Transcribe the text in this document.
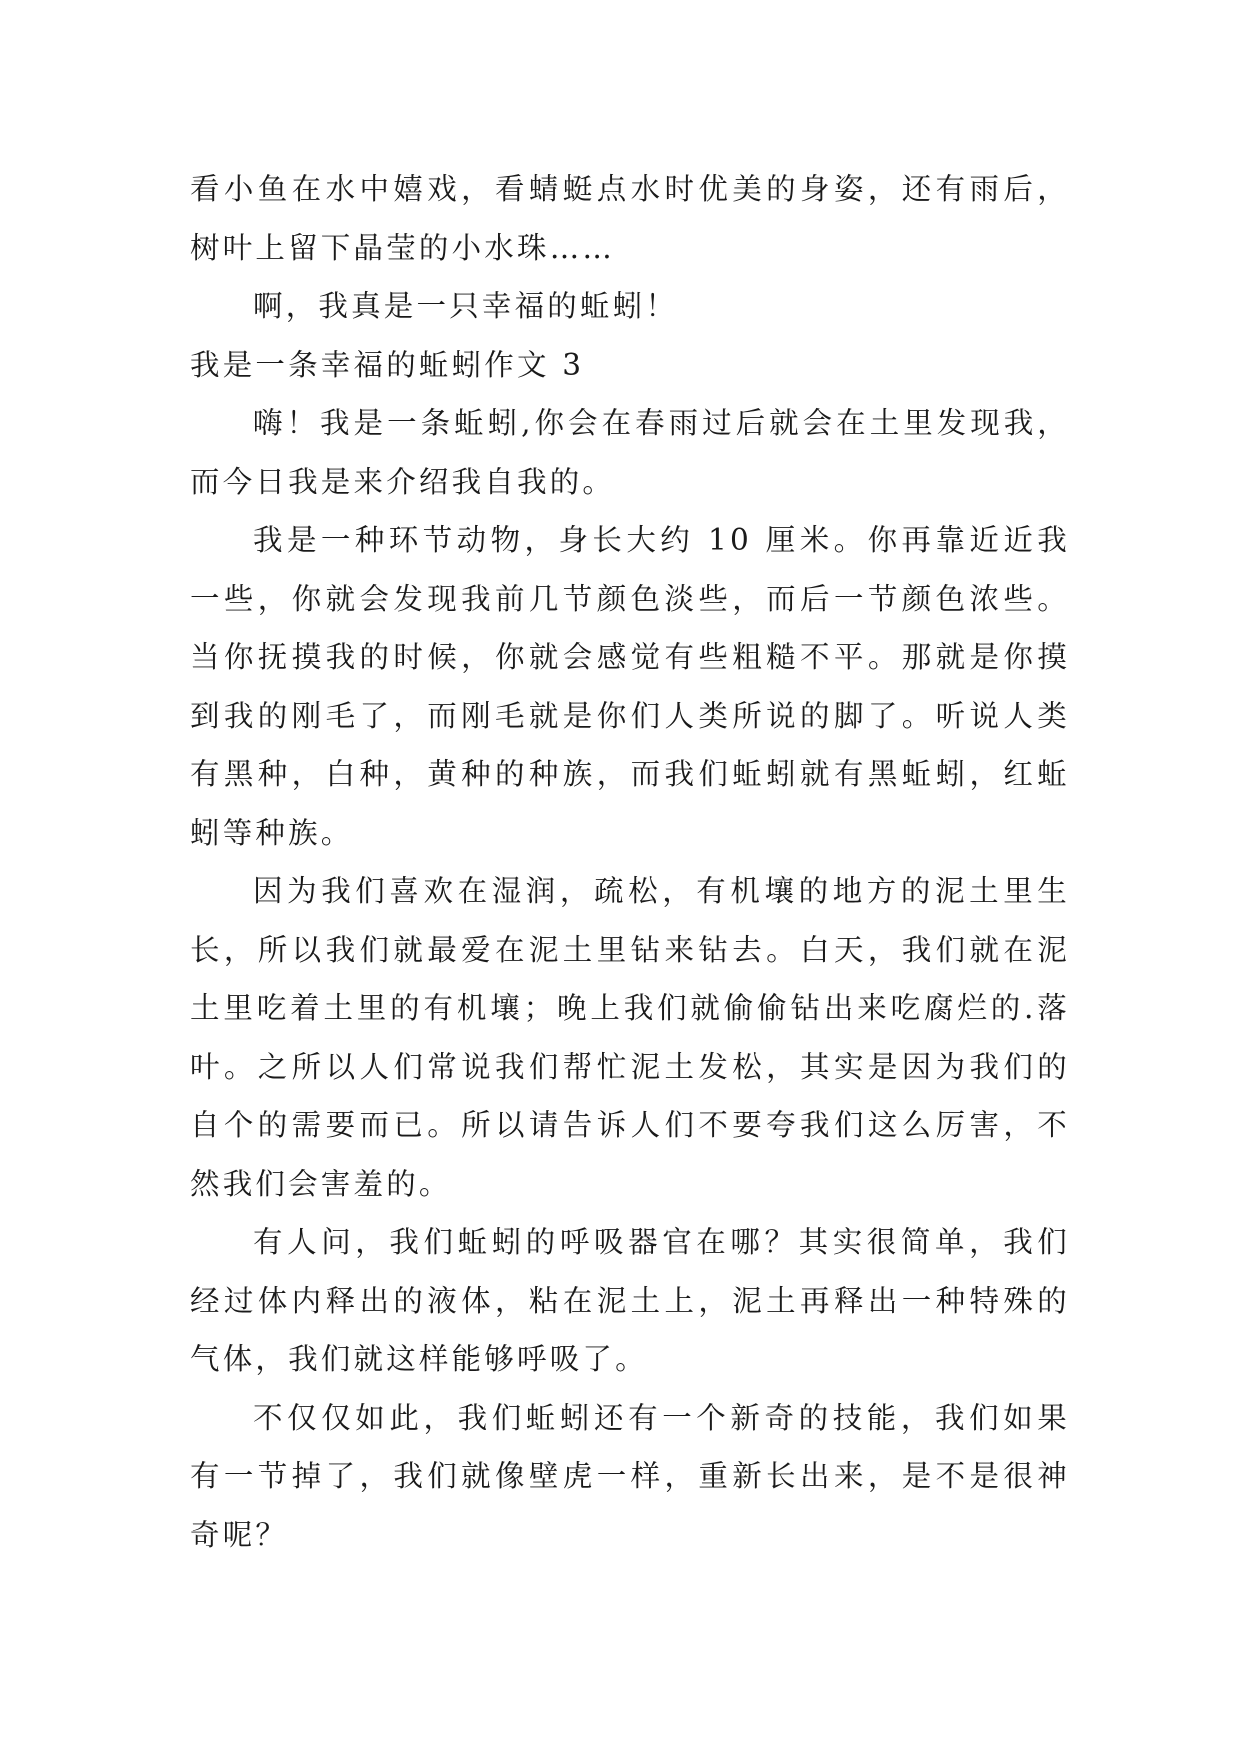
看小鱼在水中嬉戏，看蜻蜓点水时优美的身姿，还有雨后，树叶上留下晶莹的小水珠……

啊，我真是一只幸福的蚯蚓！

我是一条幸福的蚯蚓作文 3

嗨！我是一条蚯蚓,你会在春雨过后就会在土里发现我，而今日我是来介绍我自我的。

我是一种环节动物，身长大约 10 厘米。你再靠近近我一些，你就会发现我前几节颜色淡些，而后一节颜色浓些。当你抚摸我的时候，你就会感觉有些粗糙不平。那就是你摸到我的刚毛了，而刚毛就是你们人类所说的脚了。听说人类有黑种，白种，黄种的种族，而我们蚯蚓就有黑蚯蚓，红蚯蚓等种族。

因为我们喜欢在湿润，疏松，有机壤的地方的泥土里生长，所以我们就最爱在泥土里钻来钻去。白天，我们就在泥土里吃着土里的有机壤；晚上我们就偷偷钻出来吃腐烂的.落叶。之所以人们常说我们帮忙泥土发松，其实是因为我们的自个的需要而已。所以请告诉人们不要夸我们这么厉害，不然我们会害羞的。

有人问，我们蚯蚓的呼吸器官在哪？其实很简单，我们经过体内释出的液体，粘在泥土上，泥土再释出一种特殊的气体，我们就这样能够呼吸了。

不仅仅如此，我们蚯蚓还有一个新奇的技能，我们如果有一节掉了，我们就像壁虎一样，重新长出来，是不是很神奇呢？
